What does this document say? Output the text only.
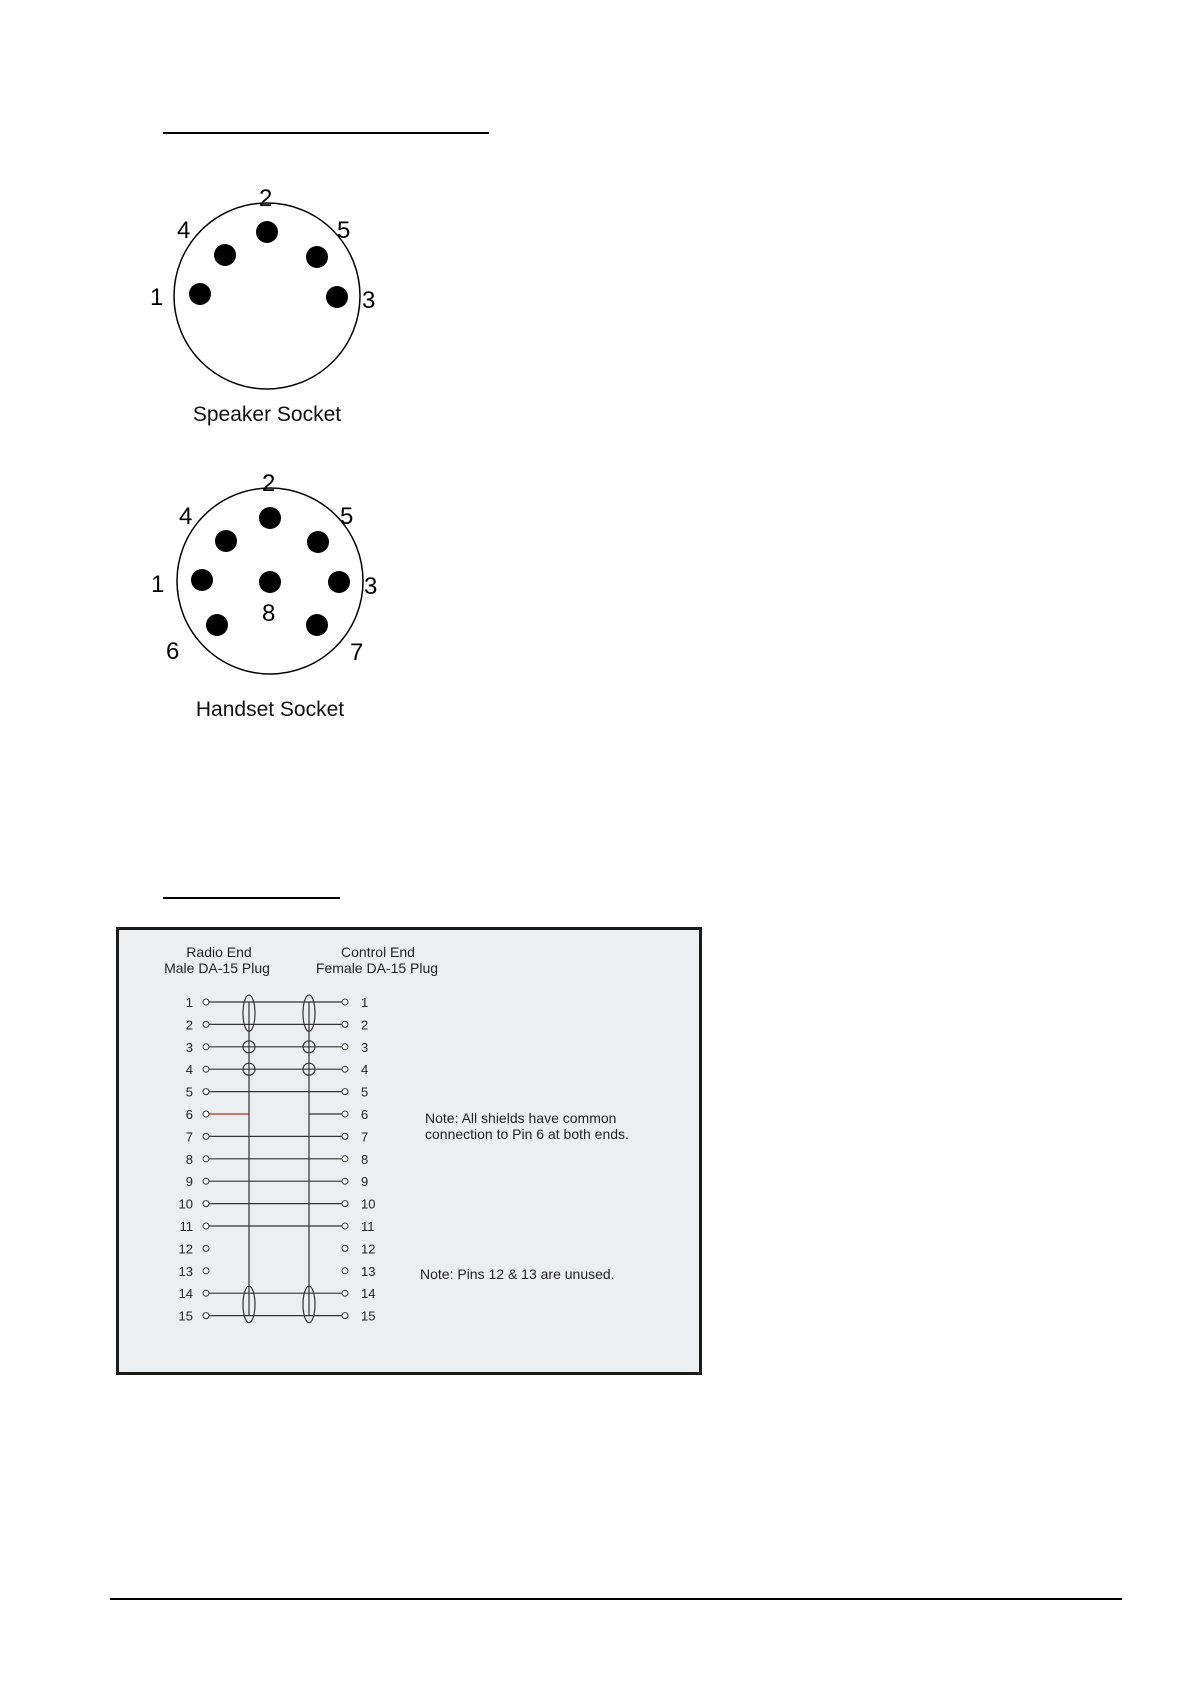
1
4
2
5
3
Speaker Socket
1
4
2
5
3
8
6	7
Handset Socket
Radio End
Male DA-15 Plug
Control End
Female DA-15 Plug
1	1
2	2
3	3
4	4
5	5
6	6
7	7
8	8
9	9
10	10
11	11
12	12
13	13
14	14
15	15
Note: All shields have common
connection to Pin 6 at both ends.
Note: Pins 12 & 13 are unused.
